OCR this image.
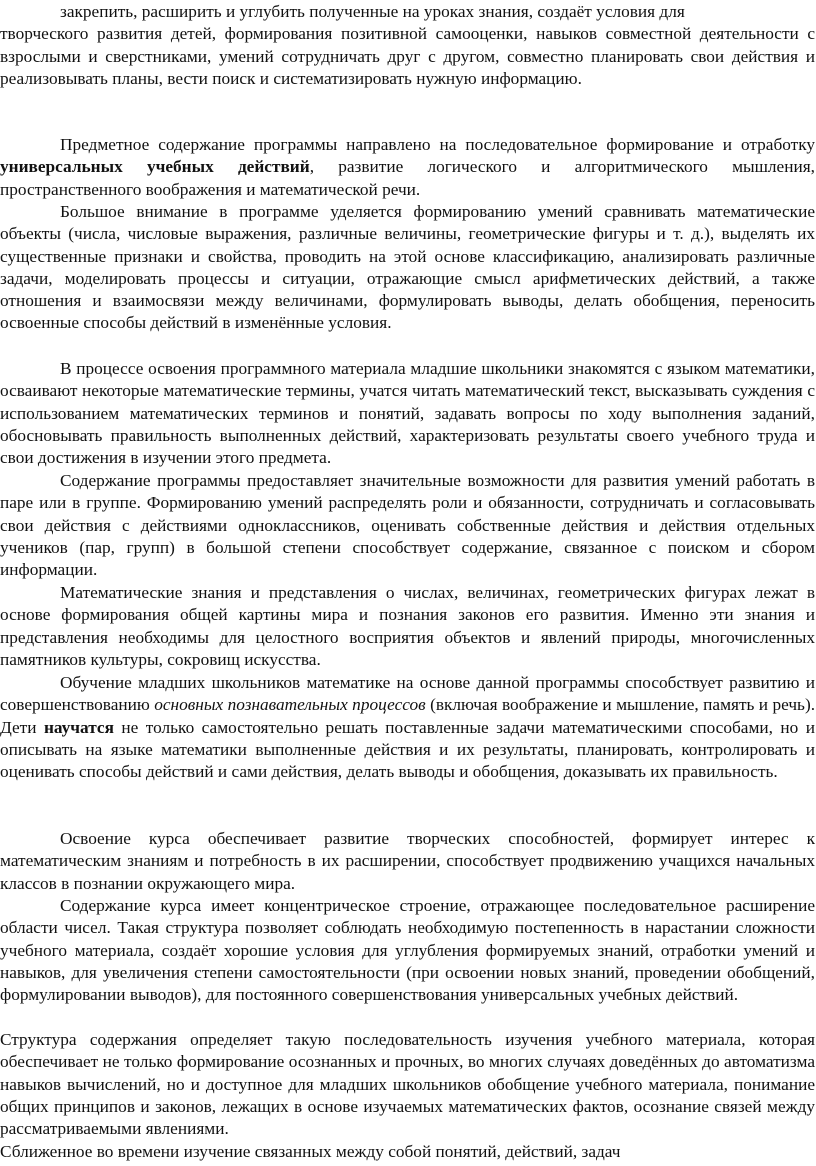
закрепить, расширить и углубить полученные на уроках знания, создаёт условия для
творческого развития детей, формирования позитивной самооценки, навыков совместной деятельности с взрослыми и сверстниками, умений сотрудничать друг с другом, совместно планировать свои действия и реализовывать планы, вести поиск и систематизировать нужную информацию.

Предметное содержание программы направлено на последовательное формирование и отработку универсальных учебных действий, развитие логического и алгоритмического мышления, пространственного воображения и математической речи.

Большое внимание в программе уделяется формированию умений сравнивать математические объекты (числа, числовые выражения, различные величины, геометрические фигуры и т. д.), выделять их существенные признаки и свойства, проводить на этой основе классификацию, анализировать различные задачи, моделировать процессы и ситуации, отражающие смысл арифметических действий, а также отношения и взаимосвязи между величинами, формулировать выводы, делать обобщения, переносить освоенные способы действий в изменённые условия.

В процессе освоения программного материала младшие школьники знакомятся с языком математики, осваивают некоторые математические термины, учатся читать математический текст, высказывать суждения с использованием математических терминов и понятий, задавать вопросы по ходу выполнения заданий, обосновывать правильность выполненных действий, характеризовать результаты своего учебного труда и свои достижения в изучении этого предмета.

Содержание программы предоставляет значительные возможности для развития умений работать в паре или в группе. Формированию умений распределять роли и обязанности, сотрудничать и согласовывать свои действия с действиями одноклассников, оценивать собственные действия и действия отдельных учеников (пар, групп) в большой степени способствует содержание, связанное с поиском и сбором информации.

Математические знания и представления о числах, величинах, геометрических фигурах лежат в основе формирования общей картины мира и познания законов его развития. Именно эти знания и представления необходимы для целостного восприятия объектов и явлений природы, многочисленных памятников культуры, сокровищ искусства.

Обучение младших школьников математике на основе данной программы способствует развитию и совершенствованию основных познавательных процессов (включая воображение и мышление, память и речь). Дети научатся не только самостоятельно решать поставленные задачи математическими способами, но и описывать на языке математики выполненные действия и их результаты, планировать, контролировать и оценивать способы действий и сами действия, делать выводы и обобщения, доказывать их правильность.

Освоение курса обеспечивает развитие творческих способностей, формирует интерес к математическим знаниям и потребность в их расширении, способствует продвижению учащихся начальных классов в познании окружающего мира.

Содержание курса имеет концентрическое строение, отражающее последовательное расширение области чисел. Такая структура позволяет соблюдать необходимую постепенность в нарастании сложности учебного материала, создаёт хорошие условия для углубления формируемых знаний, отработки умений и навыков, для увеличения степени самостоятельности (при освоении новых знаний, проведении обобщений, формулировании выводов), для постоянного совершенствования универсальных учебных действий.

Структура содержания определяет такую последовательность изучения учебного материала, которая обеспечивает не только формирование осознанных и прочных, во многих случаях доведённых до автоматизма навыков вычислений, но и доступное для младших школьников обобщение учебного материала, понимание общих принципов и законов, лежащих в основе изучаемых математических фактов, осознание связей между рассматриваемыми явлениями.

Сближенное во времени изучение связанных между собой понятий, действий, задач
